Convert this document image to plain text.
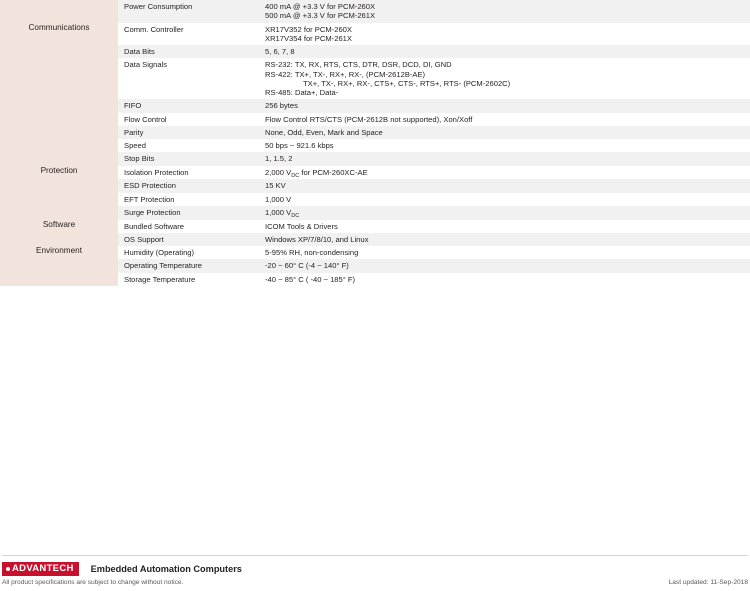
Power Consumption	400 mA @ +3.3 V for PCM-260X
500 mA @ +3.3 V for PCM-261X

Communications		Comm. Controller	XR17V352 for PCM-260X
XR17V354 for PCM-261X

Data Bits	5, 6, 7, 8

Data Signals	RS-232: TX, RX, RTS, CTS, DTR, DSR, DCD, DI, GND
RS-422: TX+, TX-, RX+, RX-, (PCM-2612B-AE)
TX+, TX-, RX+, RX-, CTS+, CTS-, RTS+, RTS- (PCM-2602C)
RS-485: Data+, Data-

FIFO	256 bytes

Flow Control	Flow Control RTS/CTS (PCM-2612B not supported), Xon/Xoff

Parity	None, Odd, Even, Mark and Space

Speed	50 bps ~ 921.6 kbps

Stop Bits	1, 1.5, 2

Protection		Isolation Protection	2,000 $V_{DC}$ for PCM-260XC-AE

ESD Protection	15 KV

EFT Protection	1,000 V

Surge Protection	1,000 $V_{DC}$

Software		Bundled Software	ICOM Tools & Drivers

OS Support	Windows XP/7/8/10, and Linux

Environment		Humidity (Operating)	5-95% RH, non-condensing

Operating Temperature	-20 ~ 60° C (-4 ~ 140° F)

Storage Temperature	-40 ~ 85° C ( -40 ~ 185° F)
ADVANTECH	Embedded Automation Computers
All product specifications are subject to change without notice.	Last updated: 11-Sep-2018
